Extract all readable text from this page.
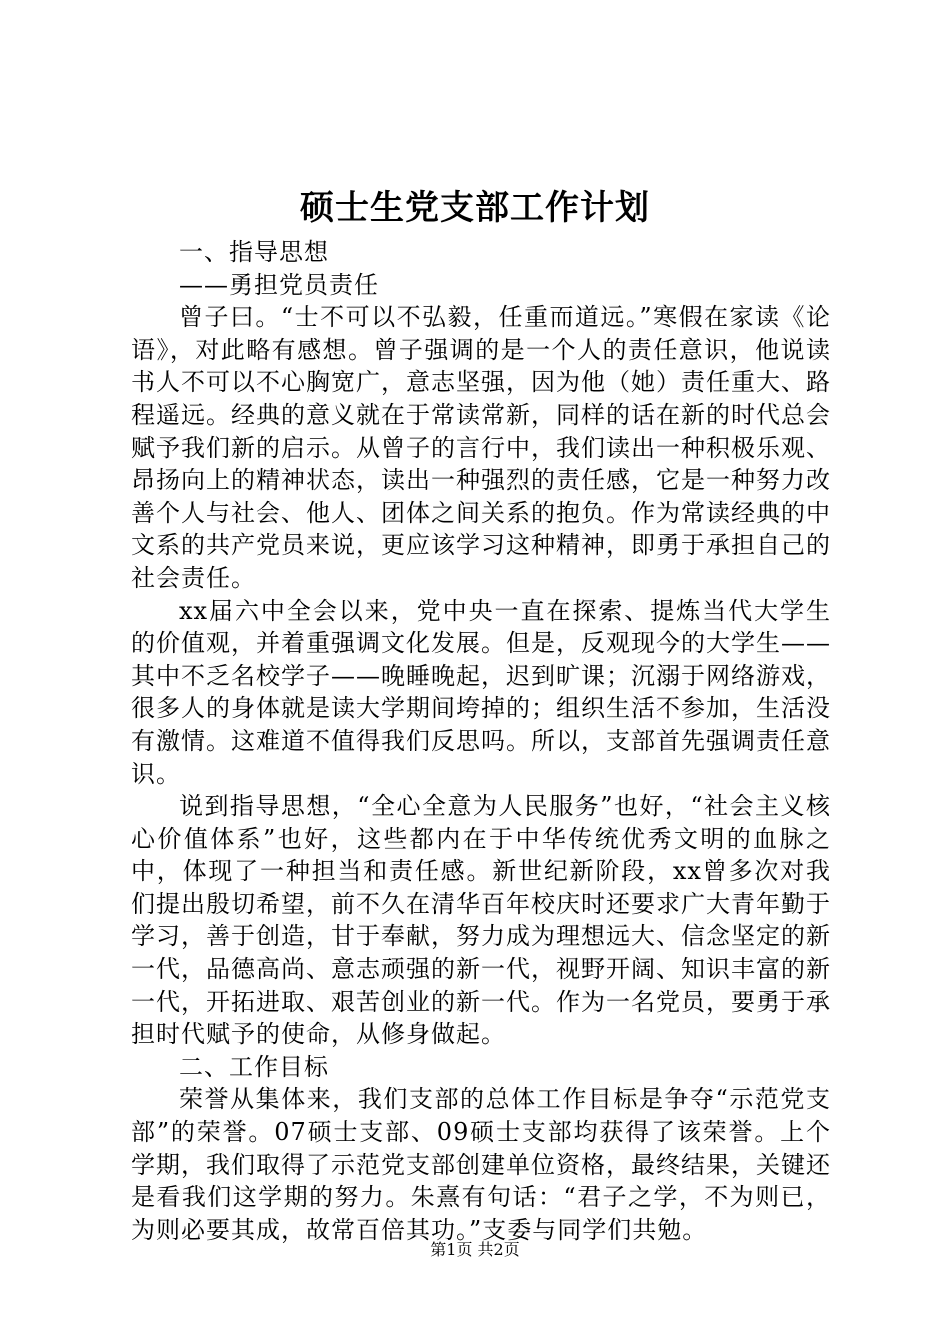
硕士生党支部工作计划

一、指导思想

——勇担党员责任

曾子曰。“士不可以不弘毅，任重而道远。”寒假在家读《论语》，对此略有感想。曾子强调的是一个人的责任意识，他说读书人不可以不心胸宽广，意志坚强，因为他（她）责任重大、路程遥远。经典的意义就在于常读常新，同样的话在新的时代总会赋予我们新的启示。从曾子的言行中，我们读出一种积极乐观、昂扬向上的精神状态，读出一种强烈的责任感，它是一种努力改善个人与社会、他人、团体之间关系的抱负。作为常读经典的中文系的共产党员来说，更应该学习这种精神，即勇于承担自己的社会责任。

xx届六中全会以来，党中央一直在探索、提炼当代大学生的价值观，并着重强调文化发展。但是，反观现今的大学生——其中不乏名校学子——晚睡晚起，迟到旷课；沉溺于网络游戏，很多人的身体就是读大学期间垮掉的；组织生活不参加，生活没有激情。这难道不值得我们反思吗。所以，支部首先强调责任意识。

说到指导思想，“全心全意为人民服务”也好，“社会主义核心价值体系”也好，这些都内在于中华传统优秀文明的血脉之中，体现了一种担当和责任感。新世纪新阶段，xx曾多次对我们提出殷切希望，前不久在清华百年校庆时还要求广大青年勤于学习，善于创造，甘于奉献，努力成为理想远大、信念坚定的新一代，品德高尚、意志顽强的新一代，视野开阔、知识丰富的新一代，开拓进取、艰苦创业的新一代。作为一名党员，要勇于承担时代赋予的使命，从修身做起。

二、工作目标

荣誉从集体来，我们支部的总体工作目标是争夺“示范党支部”的荣誉。07硕士支部、09硕士支部均获得了该荣誉。上个学期，我们取得了示范党支部创建单位资格，最终结果，关键还是看我们这学期的努力。朱熹有句话：“君子之学，不为则已，为则必要其成，故常百倍其功。”支委与同学们共勉。

第1页 共2页
